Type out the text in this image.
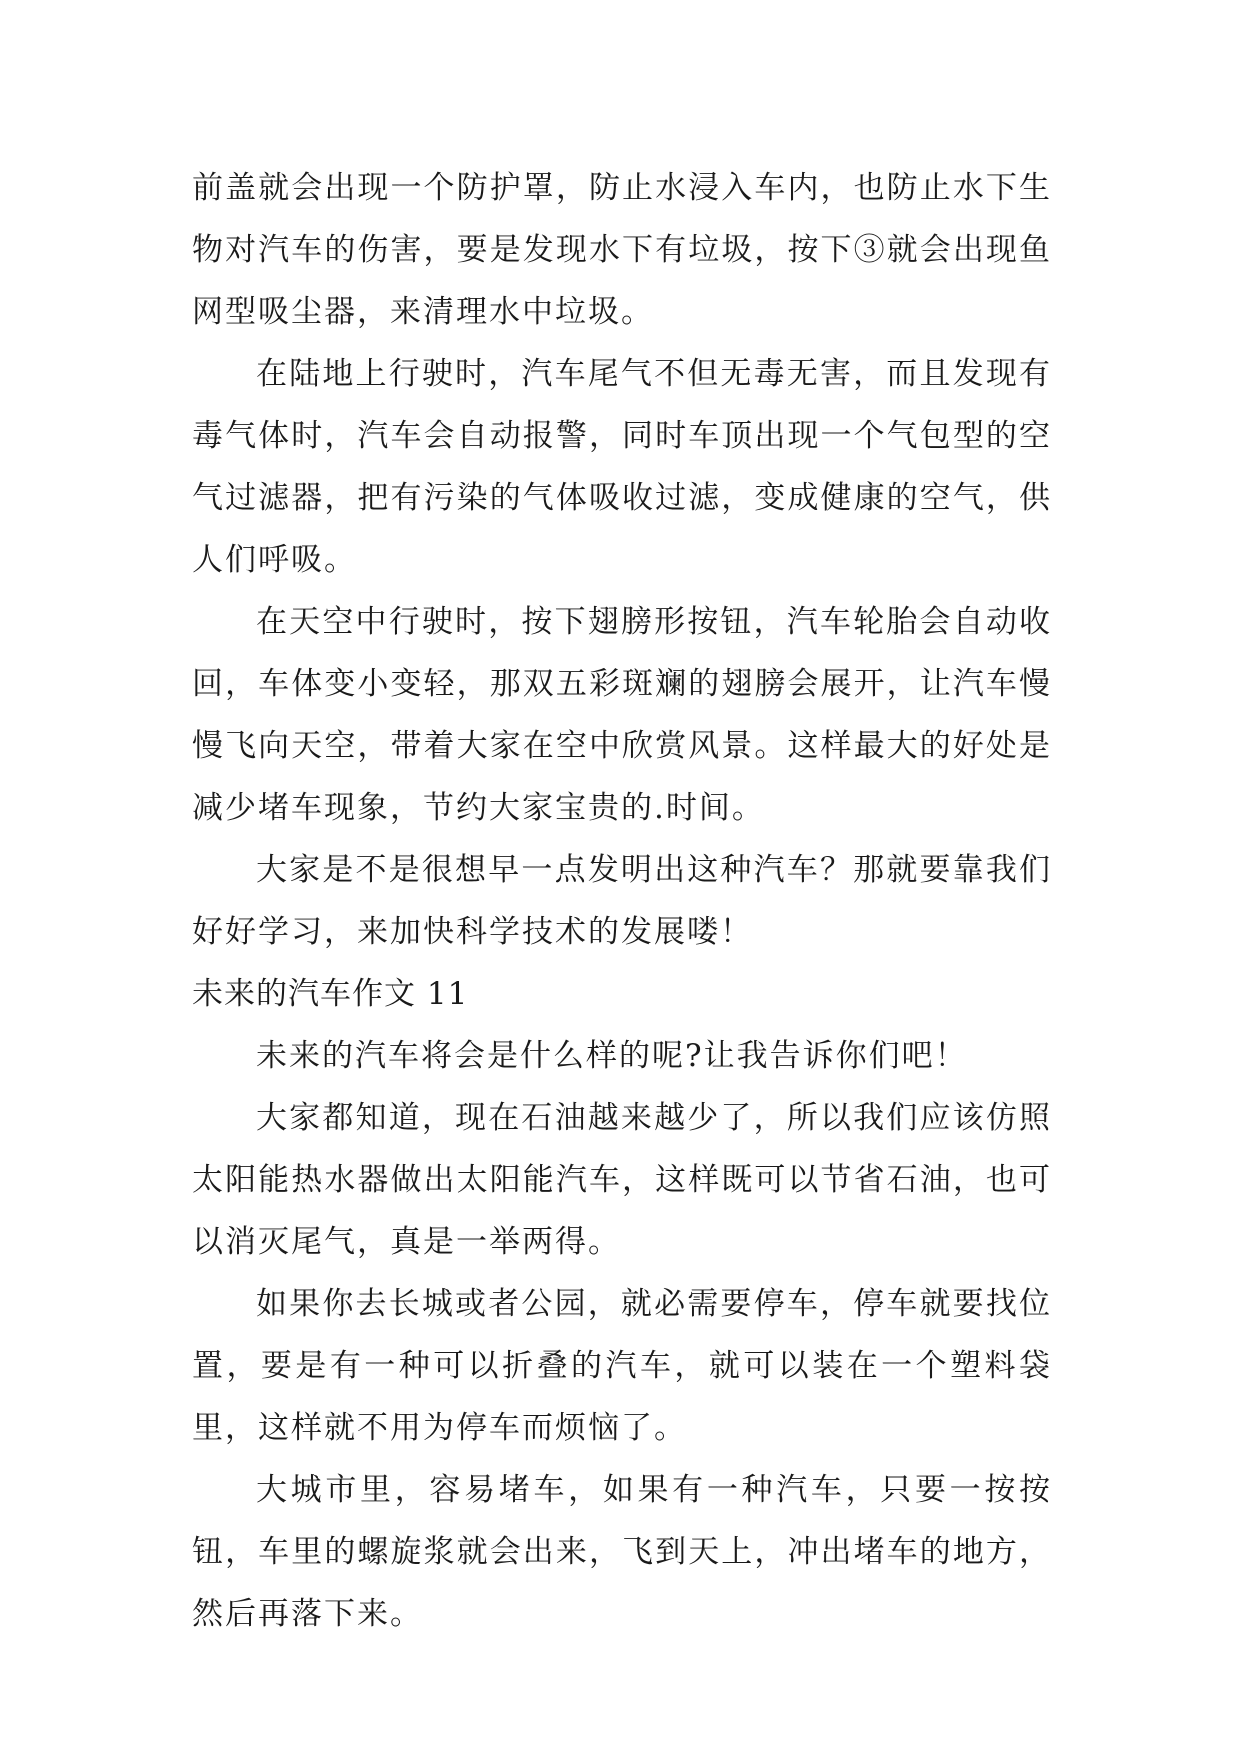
前盖就会出现一个防护罩，防止水浸入车内，也防止水下生物对汽车的伤害，要是发现水下有垃圾，按下③就会出现鱼网型吸尘器，来清理水中垃圾。

在陆地上行驶时，汽车尾气不但无毒无害，而且发现有毒气体时，汽车会自动报警，同时车顶出现一个气包型的空气过滤器，把有污染的气体吸收过滤，变成健康的空气，供人们呼吸。

在天空中行驶时，按下翅膀形按钮，汽车轮胎会自动收回，车体变小变轻，那双五彩斑斓的翅膀会展开，让汽车慢慢飞向天空，带着大家在空中欣赏风景。这样最大的好处是减少堵车现象，节约大家宝贵的.时间。

大家是不是很想早一点发明出这种汽车？那就要靠我们好好学习，来加快科学技术的发展喽！

未来的汽车作文 11

未来的汽车将会是什么样的呢?让我告诉你们吧！

大家都知道，现在石油越来越少了，所以我们应该仿照太阳能热水器做出太阳能汽车，这样既可以节省石油，也可以消灭尾气，真是一举两得。

如果你去长城或者公园，就必需要停车，停车就要找位置，要是有一种可以折叠的汽车，就可以装在一个塑料袋里，这样就不用为停车而烦恼了。

大城市里，容易堵车，如果有一种汽车，只要一按按钮，车里的螺旋浆就会出来，飞到天上，冲出堵车的地方，然后再落下来。
